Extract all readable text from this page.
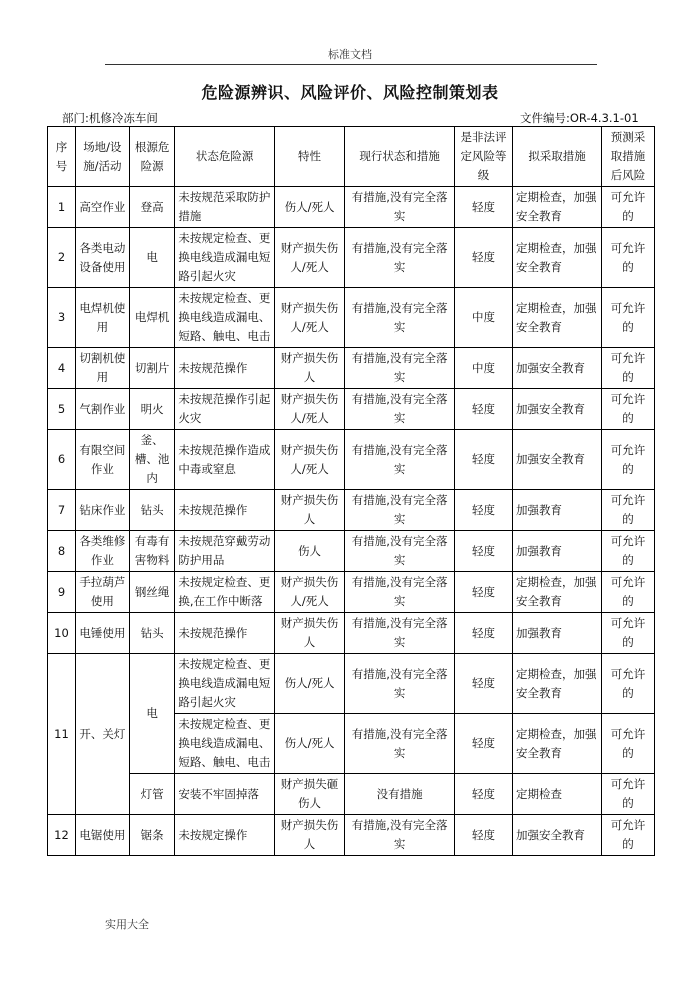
标准文档
危险源辨识、风险评价、风险控制策划表
部门:机修冷冻车间	文件编号:OR-4.3.1-01
序号	场地/设施/活动	根源危险源	状态危险源	特性	现行状态和措施	是非法评定风险等级	拟采取措施	预测采取措施后风险
1	高空作业	登高	未按规范采取防护措施	伤人/死人	有措施,没有完全落实	轻度	定期检查，加强安全教育	可允许的
2	各类电动设备使用	电	未按规定检查、更换电线造成漏电短路引起火灾	财产损失伤人/死人	有措施,没有完全落实	轻度	定期检查，加强安全教育	可允许的
3	电焊机使用	电焊机	未按规定检查、更换电线造成漏电、短路、触电、电击	财产损失伤人/死人	有措施,没有完全落实	中度	定期检查，加强安全教育	可允许的
4	切割机使用	切割片	未按规范操作	财产损失伤人	有措施,没有完全落实	中度	加强安全教育	可允许的
5	气割作业	明火	未按规范操作引起火灾	财产损失伤人/死人	有措施,没有完全落实	轻度	加强安全教育	可允许的
6	有限空间作业	釜、槽、池内	未按规范操作造成中毒或窒息	财产损失伤人/死人	有措施,没有完全落实	轻度	加强安全教育	可允许的
7	钻床作业	钻头	未按规范操作	财产损失伤人	有措施,没有完全落实	轻度	加强教育	可允许的
8	各类维修作业	有毒有害物料	未按规范穿戴劳动防护用品	伤人	有措施,没有完全落实	轻度	加强教育	可允许的
9	手拉葫芦使用	钢丝绳	未按规定检查、更换,在工作中断落	财产损失伤人/死人	有措施,没有完全落实	轻度	定期检查，加强安全教育	可允许的
10	电锤使用	钻头	未按规范操作	财产损失伤人	有措施,没有完全落实	轻度	加强教育	可允许的
11	开、关灯	电	未按规定检查、更换电线造成漏电短路引起火灾	伤人/死人	有措施,没有完全落实	轻度	定期检查，加强安全教育	可允许的
			未按规定检查、更换电线造成漏电、短路、触电、电击	伤人/死人	有措施,没有完全落实	轻度	定期检查，加强安全教育	可允许的
		灯管	安装不牢固掉落	财产损失砸伤人	没有措施	轻度	定期检查	可允许的
12	电锯使用	锯条	未按规定操作	财产损失伤人	有措施,没有完全落实	轻度	加强安全教育	可允许的
实用大全
